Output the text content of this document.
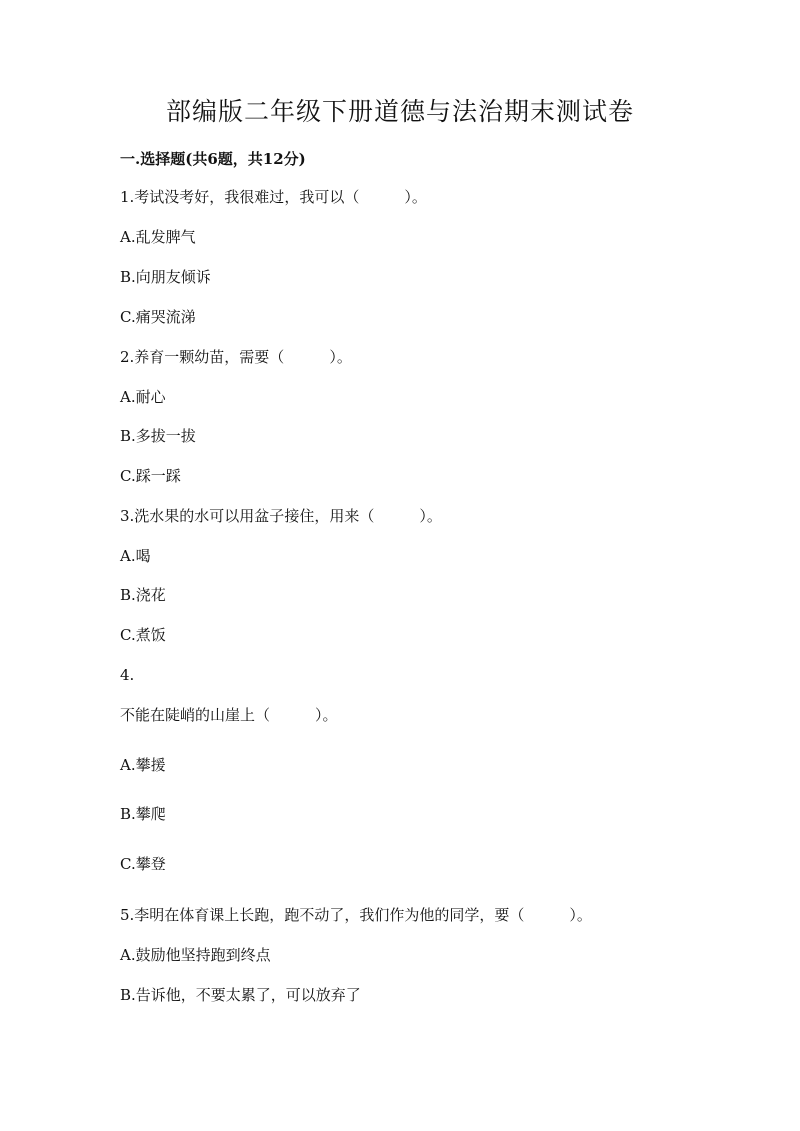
部编版二年级下册道德与法治期末测试卷
一.选择题(共6题，共12分)
1.考试没考好，我很难过，我可以（　　　）。
A.乱发脾气
B.向朋友倾诉
C.痛哭流涕
2.养育一颗幼苗，需要（　　　）。
A.耐心
B.多拔一拔
C.踩一踩
3.洗水果的水可以用盆子接住，用来（　　　）。
A.喝
B.浇花
C.煮饭
4.
不能在陡峭的山崖上（　　　）。
A.攀援
B.攀爬
C.攀登
5.李明在体育课上长跑，跑不动了，我们作为他的同学，要（　　　）。
A.鼓励他坚持跑到终点
B.告诉他，不要太累了，可以放弃了
